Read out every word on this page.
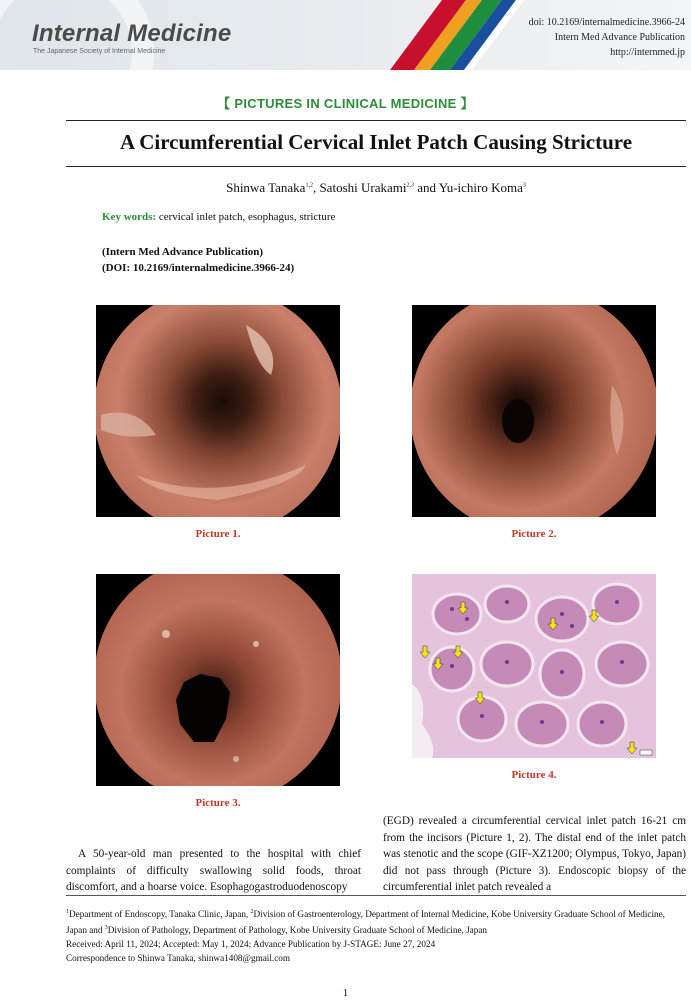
Internal Medicine
The Japanese Society of Internal Medicine
doi: 10.2169/internalmedicine.3966-24
Intern Med Advance Publication
http://internmed.jp
【 PICTURES IN CLINICAL MEDICINE 】
A Circumferential Cervical Inlet Patch Causing Stricture
Shinwa Tanaka$^{1,2}$, Satoshi Urakami$^{2,3}$ and Yu-ichiro Koma$^3$
Key words: cervical inlet patch, esophagus, stricture
(Intern Med Advance Publication)
(DOI: 10.2169/internalmedicine.3966-24)
Picture 1.	Picture 2.
Picture 3.
Picture 4.
A 50-year-old man presented to the hospital with chief complaints of difficulty swallowing solid foods, throat discomfort, and a hoarse voice. Esophagogastroduodenoscopy
(EGD) revealed a circumferential cervical inlet patch 16-21 cm from the incisors (Picture 1, 2). The distal end of the inlet patch was stenotic and the scope (GIF-XZ1200; Olympus, Tokyo, Japan) did not pass through (Picture 3). Endoscopic biopsy of the circumferential inlet patch revealed a
$^1$Department of Endoscopy, Tanaka Clinic, Japan, $^2$Division of Gastroenterology, Department of Internal Medicine, Kobe University Graduate School of Medicine, Japan and $^3$Division of Pathology, Department of Pathology, Kobe University Graduate School of Medicine, Japan
Received: April 11, 2024; Accepted: May 1, 2024; Advance Publication by J-STAGE: June 27, 2024
Correspondence to Shinwa Tanaka, shinwa1408@gmail.com
1
